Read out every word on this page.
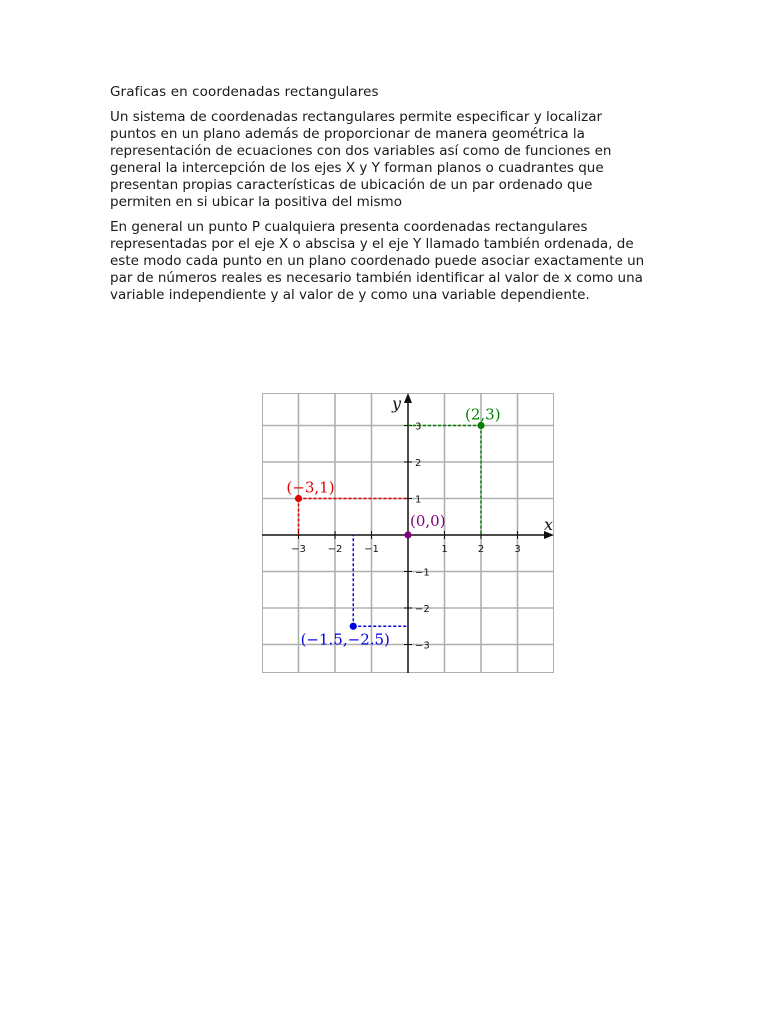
Graficas en coordenadas rectangulares

Un sistema de coordenadas rectangulares permite especificar y localizar puntos en un plano además de proporcionar de manera geométrica la representación de ecuaciones con dos variables así como de funciones en general la intercepción de los ejes X y Y forman planos o cuadrantes que presentan propias características de ubicación de un par ordenado que permiten en si ubicar la positiva del mismo

En general un punto P cualquiera presenta coordenadas rectangulares representadas por el eje X o abscisa y el eje Y llamado también ordenada, de este modo cada punto en un plano coordenado puede asociar exactamente un par de números reales es necesario también identificar al valor de x como una variable independiente y al valor de y como una variable dependiente.

x
y
−3 −2 −1	1	2	3
3
2
1
−1
−2
−3
(2,3)
(−3,1)
(0,0)
(−1.5,−2.5)
